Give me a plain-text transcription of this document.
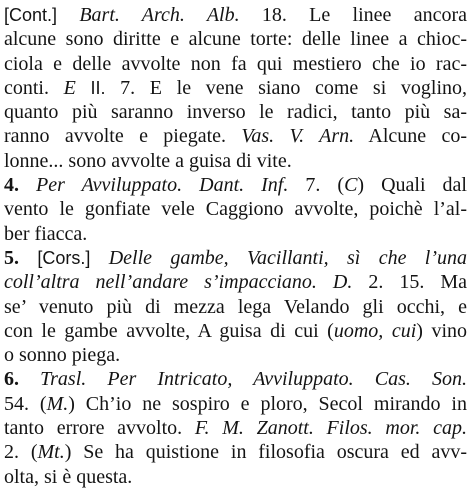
[Cont.] Bart. Arch. Alb. 18. Le linee ancora
alcune sono diritte e alcune torte: delle linee a chioc-
ciola e delle avvolte non fa qui mestiero che io rac-
conti. E II. 7. E le vene siano come si voglino,
quanto più saranno inverso le radici, tanto più sa-
ranno avvolte e piegate. Vas. V. Arn. Alcune co-
lonne... sono avvolte a guisa di vite.
4. Per Avviluppato. Dant. Inf. 7. (C) Quali dal
vento le gonfiate vele Caggiono avvolte, poichè l’al-
ber fiacca.
5. [Cors.] Delle gambe, Vacillanti, sì che l’una
coll’altra nell’andare s’impacciano. D. 2. 15. Ma
se’ venuto più di mezza lega Velando gli occhi, e
con le gambe avvolte, A guisa di cui (uomo, cui) vino
o sonno piega.
6. Trasl. Per Intricato, Avviluppato. Cas. Son.
54. (M.) Ch’io ne sospiro e ploro, Secol mirando in
tanto errore avvolto. F. M. Zanott. Filos. mor. cap.
2. (Mt.) Se ha quistione in filosofia oscura ed avv-
olta, si è questa.
